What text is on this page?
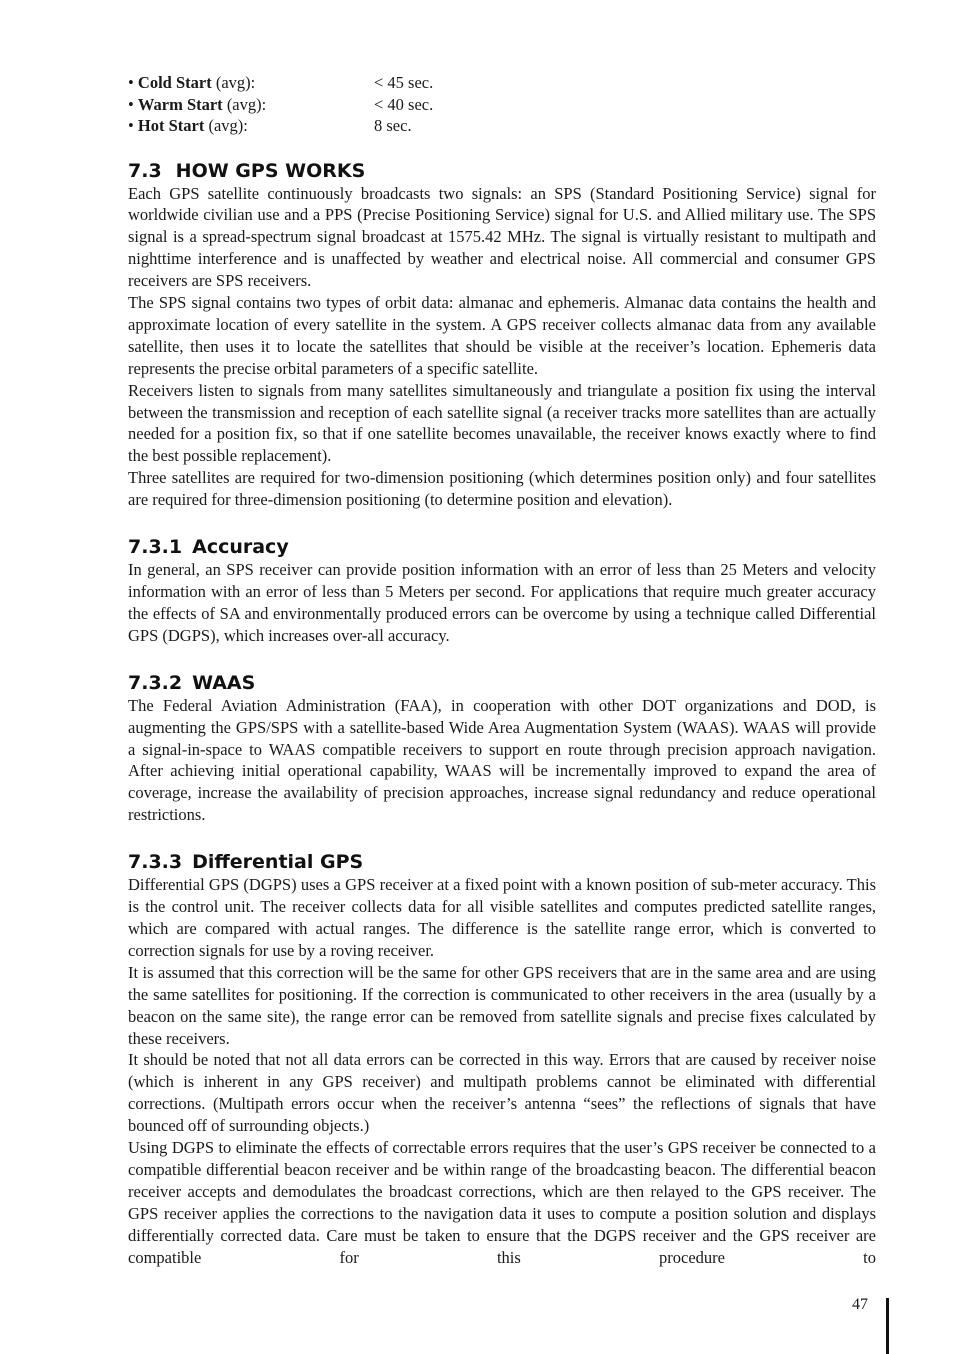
• Cold Start (avg):	< 45 sec.
• Warm Start (avg):	< 40 sec.
• Hot Start (avg):	8 sec.
7.3 HOW GPS WORKS

Each GPS satellite continuously broadcasts two signals: an SPS (Standard Positioning Service) signal for worldwide civilian use and a PPS (Precise Positioning Service) signal for U.S. and Allied military use. The SPS signal is a spread-spectrum signal broadcast at 1575.42 MHz. The signal is virtually resistant to multipath and nighttime interference and is unaffected by weather and electrical noise. All commercial and consumer GPS receivers are SPS receivers.

The SPS signal contains two types of orbit data: almanac and ephemeris. Almanac data contains the health and approximate location of every satellite in the system. A GPS receiver collects almanac data from any available satellite, then uses it to locate the satellites that should be visible at the receiver’s location. Ephemeris data represents the precise orbital parameters of a specific satellite.

Receivers listen to signals from many satellites simultaneously and triangulate a position fix using the interval between the transmission and reception of each satellite signal (a receiver tracks more satellites than are actually needed for a position fix, so that if one satellite becomes unavailable, the receiver knows exactly where to find the best possible replacement).

Three satellites are required for two-dimension positioning (which determines position only) and four satellites are required for three-dimension positioning (to determine position and elevation).

7.3.1 Accuracy

In general, an SPS receiver can provide position information with an error of less than 25 Meters and velocity information with an error of less than 5 Meters per second. For applications that require much greater accuracy the effects of SA and environmentally produced errors can be overcome by using a technique called Differential GPS (DGPS), which increases over-all accuracy.

7.3.2 WAAS

The Federal Aviation Administration (FAA), in cooperation with other DOT organizations and DOD, is augmenting the GPS/SPS with a satellite-based Wide Area Augmentation System (WAAS). WAAS will provide a signal-in-space to WAAS compatible receivers to support en route through precision approach navigation. After achieving initial operational capability, WAAS will be incrementally improved to expand the area of coverage, increase the availability of precision approaches, increase signal redundancy and reduce operational restrictions.

7.3.3 Differential GPS

Differential GPS (DGPS) uses a GPS receiver at a fixed point with a known position of sub-meter accuracy. This is the control unit. The receiver collects data for all visible satellites and computes predicted satellite ranges, which are compared with actual ranges. The difference is the satellite range error, which is converted to correction signals for use by a roving receiver.

It is assumed that this correction will be the same for other GPS receivers that are in the same area and are using the same satellites for positioning. If the correction is communicated to other receivers in the area (usually by a beacon on the same site), the range error can be removed from satellite signals and precise fixes calculated by these receivers.

It should be noted that not all data errors can be corrected in this way. Errors that are caused by receiver noise (which is inherent in any GPS receiver) and multipath problems cannot be eliminated with differential corrections. (Multipath errors occur when the receiver’s antenna “sees” the reflections of signals that have bounced off of surrounding objects.)

Using DGPS to eliminate the effects of correctable errors requires that the user’s GPS receiver be connected to a compatible differential beacon receiver and be within range of the broadcasting beacon. The differential beacon receiver accepts and demodulates the broadcast corrections, which are then relayed to the GPS receiver. The GPS receiver applies the corrections to the navigation data it uses to compute a position solution and displays differentially corrected data. Care must be taken to ensure that the DGPS receiver and the GPS receiver are compatible for this procedure to

47
